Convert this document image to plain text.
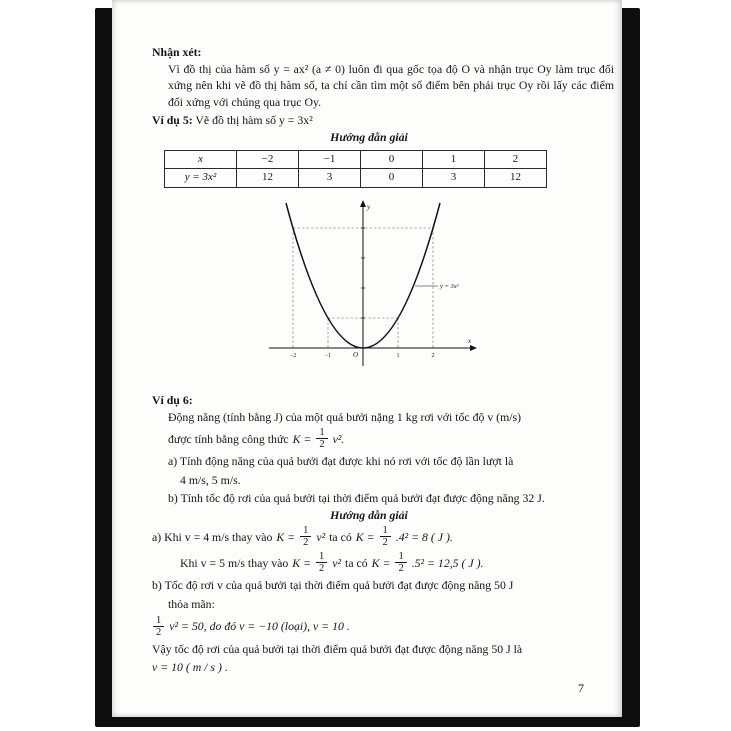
Nhận xét:

Vì đồ thị của hàm số y = ax² (a ≠ 0) luôn đi qua gốc tọa độ O và nhận trục Oy làm trục đối xứng nên khi vẽ đồ thị hàm số, ta chỉ cần tìm một số điểm bên phải trục Oy rồi lấy các điểm đối xứng với chúng qua trục Oy.

Ví dụ 5: Vẽ đồ thị hàm số y = 3x²
Hướng dẫn giải
x	−2	−1	0	1	2
y = 3x²	12	3	0	3	12
y
x
O
−2	−1	1	2
y = 3x²
Ví dụ 6:
Động năng (tính bằng J) của một quả bưởi nặng 1 kg rơi với tốc độ v (m/s)
được tính bằng công thức $K = \frac{1}{2} v^2$.
a) Tính động năng của quả bưởi đạt được khi nó rơi với tốc độ lần lượt là
4 m/s, 5 m/s.
b) Tính tốc độ rơi của quả bưởi tại thời điểm quả bưởi đạt được động năng 32 J.
Hướng dẫn giải
a) Khi v = 4 m/s thay vào $K = \frac{1}{2} v^2$ ta có $K = \frac{1}{2} .4^2 = 8$ ( J ).
Khi v = 5 m/s thay vào $K = \frac{1}{2} v^2$ ta có $K = \frac{1}{2} .5^2 = 12,5$ ( J ).
b) Tốc độ rơi v của quả bưởi tại thời điểm quả bưởi đạt được động năng 50 J
thỏa mãn:
$\frac{1}{2} v^2 = 50$, do đó v = −10 (loại), v = 10 .
Vậy tốc độ rơi của quả bưởi tại thời điểm quả bưởi đạt được động năng 50 J là
v = 10 ( m / s ) .
7
